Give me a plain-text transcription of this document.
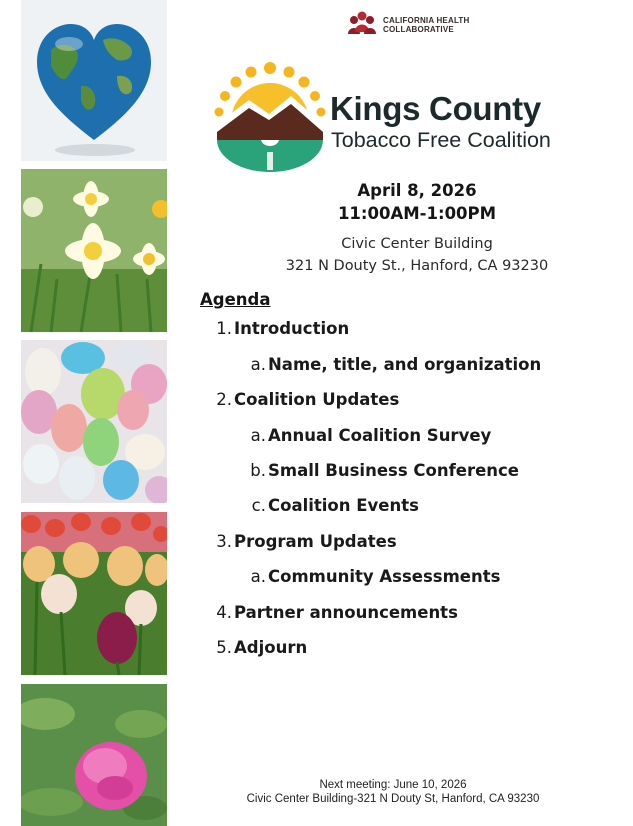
CALIFORNIA HEALTH
COLLABORATIVE
Kings County
Tobacco Free Coalition
April 8, 2026
11:00AM-1:00PM
Civic Center Building
321 N Douty St., Hanford, CA 93230
Agenda
1. Introduction
a. Name, title, and organization
2. Coalition Updates
a. Annual Coalition Survey
b. Small Business Conference
c. Coalition Events
3. Program Updates
a. Community Assessments
4. Partner announcements
5. Adjourn
Next meeting: June 10, 2026
Civic Center Building-321 N Douty St, Hanford, CA 93230
